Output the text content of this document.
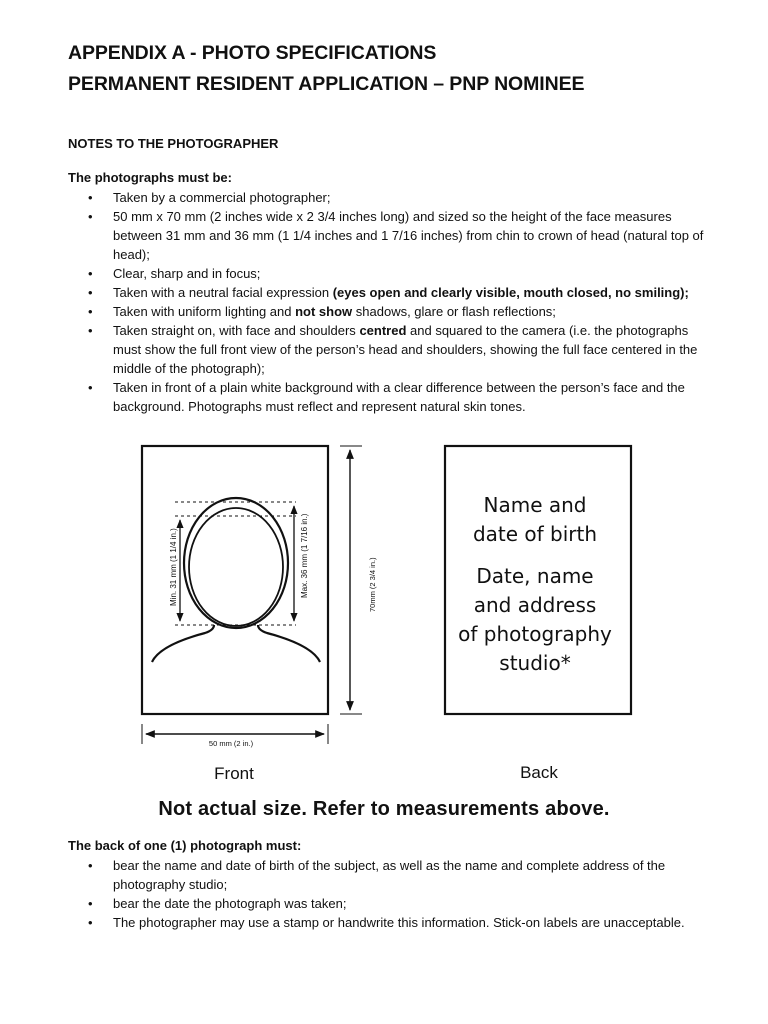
APPENDIX A - PHOTO SPECIFICATIONS
PERMANENT RESIDENT APPLICATION – PNP NOMINEE
NOTES TO THE PHOTOGRAPHER
The photographs must be:
• Taken by a commercial photographer;
• 50 mm x 70 mm (2 inches wide x 2 3/4 inches long) and sized so the height of the face measures between 31 mm and 36 mm (1 1/4 inches and 1 7/16 inches) from chin to crown of head (natural top of head);
• Clear, sharp and in focus;
• Taken with a neutral facial expression (eyes open and clearly visible, mouth closed, no smiling);
• Taken with uniform lighting and not show shadows, glare or flash reflections;
• Taken straight on, with face and shoulders centred and squared to the camera (i.e. the photographs must show the full front view of the person’s head and shoulders, showing the full face centered in the middle of the photograph);
• Taken in front of a plain white background with a clear difference between the person’s face and the background. Photographs must reflect and represent natural skin tones.
Min. 31 mm (1 1/4 in.)	Max. 36 mm (1 7/16 in.)	70mm (2 3/4 in.)
50 mm (2 in.)
Front
Name and
date of birth
Date, name
and address
of photography
studio*
Back
Not actual size. Refer to measurements above.
The back of one (1) photograph must:
• bear the name and date of birth of the subject, as well as the name and complete address of the photography studio;
• bear the date the photograph was taken;
• The photographer may use a stamp or handwrite this information. Stick-on labels are unacceptable.
